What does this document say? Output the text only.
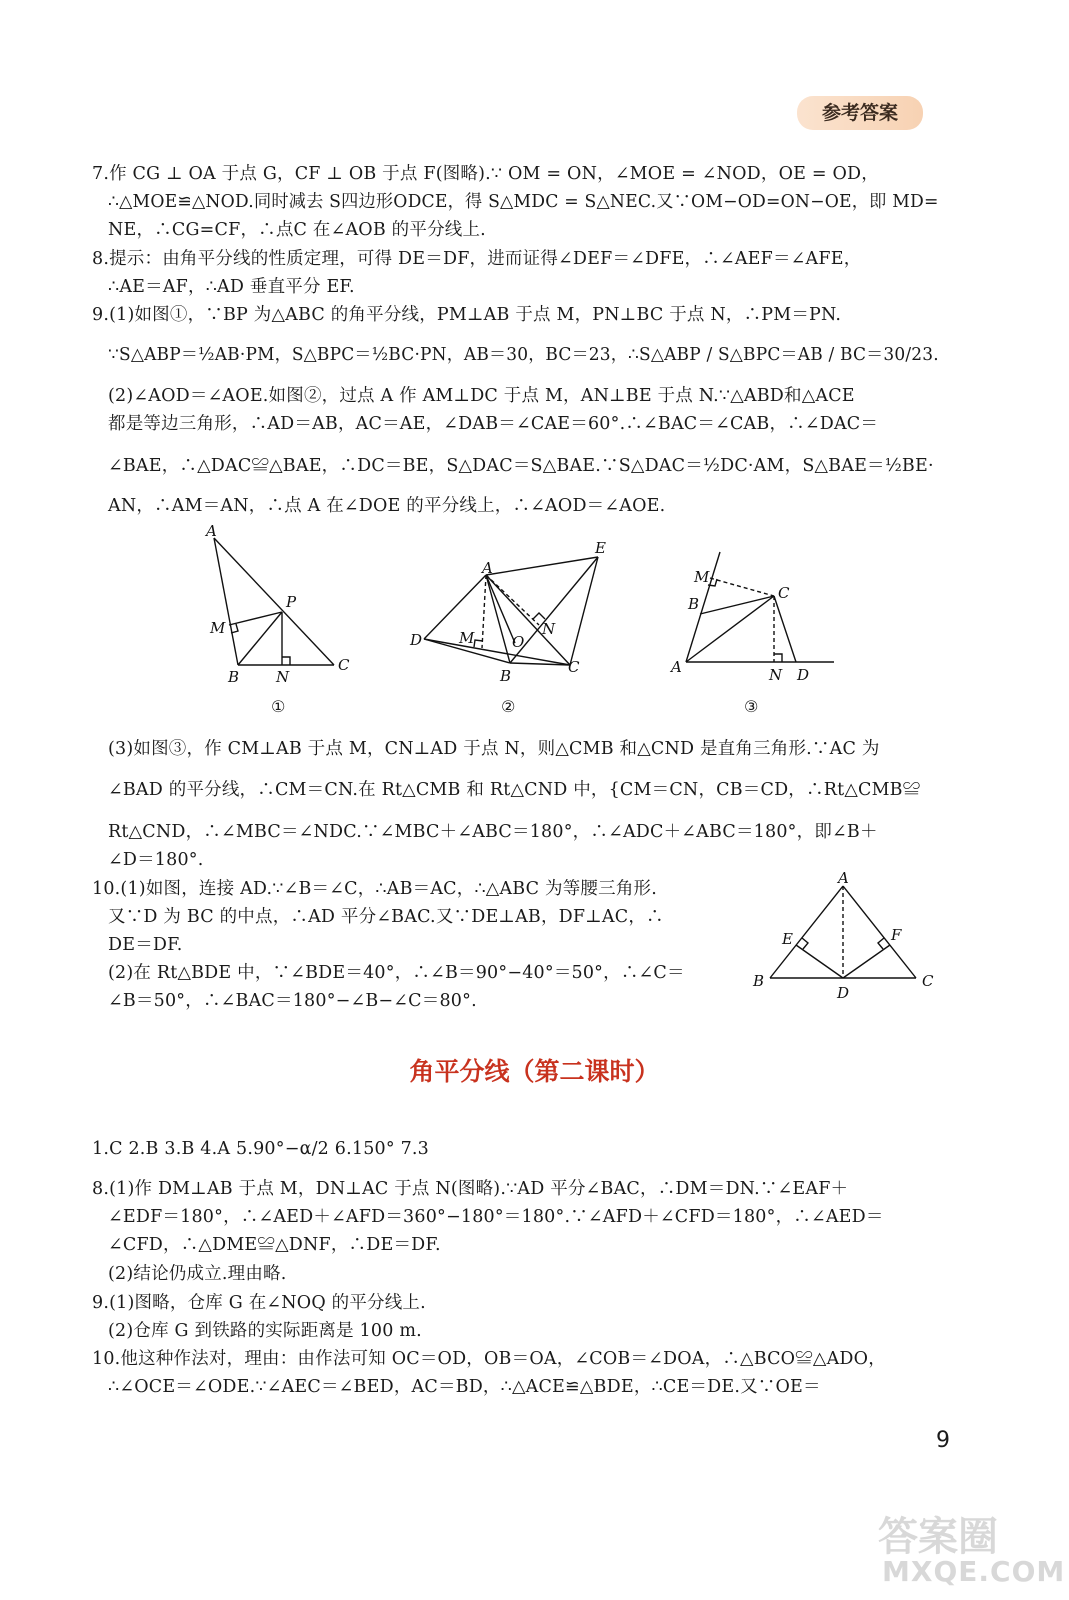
参考答案
7.作 CG ⊥ OA 于点 G，CF ⊥ OB 于点 F(图略).∵ OM = ON，∠MOE = ∠NOD，OE = OD，
∴△MOE≌△NOD.同时减去 S四边形ODCE，得 S△MDC = S△NEC.又∵OM−OD=ON−OE，即 MD=
NE，∴CG=CF，∴点C 在∠AOB 的平分线上.
8.提示：由角平分线的性质定理，可得 DE＝DF，进而证得∠DEF＝∠DFE，∴∠AEF＝∠AFE，
∴AE＝AF，∴AD 垂直平分 EF.
9.(1)如图①，∵BP 为△ABC 的角平分线，PM⊥AB 于点 M，PN⊥BC 于点 N，∴PM＝PN.
∵S△ABP＝½AB·PM，S△BPC＝½BC·PN，AB＝30，BC＝23，∴S△ABP / S△BPC＝AB / BC＝30/23.
(2)∠AOD＝∠AOE.如图②，过点 A 作 AM⊥DC 于点 M，AN⊥BE 于点 N.∵△ABD和△ACE
都是等边三角形，∴AD＝AB，AC＝AE，∠DAB＝∠CAE＝60°.∴∠BAC＝∠CAB，∴∠DAC＝
∠BAE，∴△DAC≌△BAE，∴DC＝BE，S△DAC＝S△BAE.∵S△DAC＝½DC·AM，S△BAE＝½BE·
AN，∴AM＝AN，∴点 A 在∠DOE 的平分线上，∴∠AOD＝∠AOE.
A
P
M
B N
C
①
A
E
N
O
D M
B	C
②
M
B
C
A	N D
③
(3)如图③，作 CM⊥AB 于点 M，CN⊥AD 于点 N，则△CMB 和△CND 是直角三角形.∵AC 为
∠BAD 的平分线，∴CM＝CN.在 Rt△CMB 和 Rt△CND 中，{CM＝CN，CB＝CD，∴Rt△CMB≌
Rt△CND，∴∠MBC＝∠NDC.∵∠MBC＋∠ABC＝180°，∴∠ADC＋∠ABC＝180°，即∠B＋
∠D＝180°.
10.(1)如图，连接 AD.∵∠B＝∠C，∴AB＝AC，∴△ABC 为等腰三角形.
又∵D 为 BC 的中点，∴AD 平分∠BAC.又∵DE⊥AB，DF⊥AC，∴
DE＝DF.
(2)在 Rt△BDE 中，∵∠BDE＝40°，∴∠B＝90°−40°＝50°，∴∠C＝
∠B＝50°，∴∠BAC＝180°−∠B−∠C＝80°.
A
E	F
B
D
C
角平分线（第二课时）
1.C 2.B 3.B 4.A 5.90°−α/2 6.150° 7.3
8.(1)作 DM⊥AB 于点 M，DN⊥AC 于点 N(图略).∵AD 平分∠BAC，∴DM＝DN.∵∠EAF＋
∠EDF＝180°，∴∠AED＋∠AFD＝360°−180°＝180°.∵∠AFD＋∠CFD＝180°，∴∠AED＝
∠CFD，∴△DME≌△DNF，∴DE＝DF.
(2)结论仍成立.理由略.
9.(1)图略，仓库 G 在∠NOQ 的平分线上.
(2)仓库 G 到铁路的实际距离是 100 m.
10.他这种作法对，理由：由作法可知 OC＝OD，OB＝OA，∠COB＝∠DOA，∴△BCO≌△ADO，
∴∠OCE＝∠ODE.∵∠AEC＝∠BED，AC＝BD，∴△ACE≌△BDE，∴CE＝DE.又∵OE＝
9
答案圈
MXQE.COM
